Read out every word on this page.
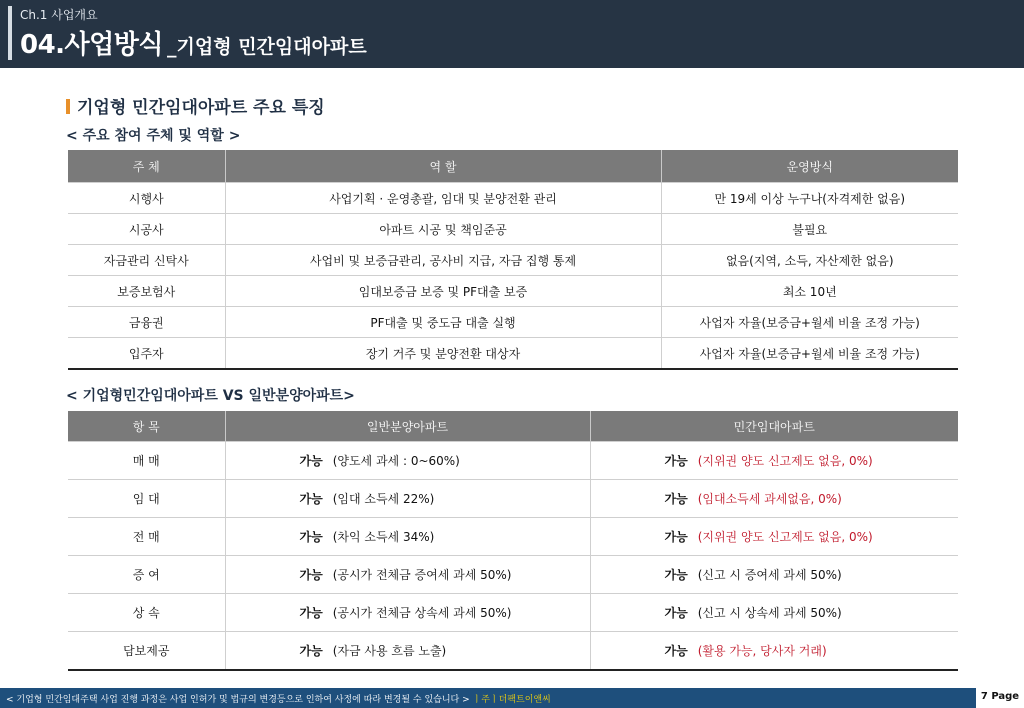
Ch.1 사업개요
04.사업방식 _기업형 민간임대아파트
기업형 민간임대아파트 주요 특징
< 주요 참여 주체 및 역할 >
주 체	역 할	운영방식
시행사	사업기획 · 운영총괄, 임대 및 분양전환 관리	만 19세 이상 누구나(자격제한 없음)
시공사	아파트 시공 및 책임준공	불필요
자금관리 신탁사	사업비 및 보증금관리, 공사비 지급, 자금 집행 통제	없음(지역, 소득, 자산제한 없음)
보증보험사	임대보증금 보증 및 PF대출 보증	최소 10년
금융권	PF대출 및 중도금 대출 실행	사업자 자율(보증금+월세 비율 조정 가능)
입주자	장기 거주 및 분양전환 대상자	사업자 자율(보증금+월세 비율 조정 가능)
< 기업형민간임대아파트 VS 일반분양아파트>
항 목	일반분양아파트	민간임대아파트
매 매	가능 (양도세 과세 : 0~60%)	가능 (지위권 양도 신고제도 없음, 0%)
임 대	가능 (임대 소득세 22%)	가능 (임대소득세 과세없음, 0%)
전 매	가능 (차익 소득세 34%)	가능 (지위권 양도 신고제도 없음, 0%)
증 여	가능 (공시가 전체금 증여세 과세 50%)	가능 (신고 시 증여세 과세 50%)
상 속	가능 (공시가 전체금 상속세 과세 50%)	가능 (신고 시 상속세 과세 50%)
담보제공	가능 (자금 사용 흐름 노출)	가능 (활용 가능, 당사자 거래)
< 기업형 민간임대주택 사업 진행 과정은 사업 인허가 및 법규의 변경등으로 인하여 사정에 따라 변경될 수 있습니다 > ㅣ주ㅣ더팩트이앤씨	7 Page
